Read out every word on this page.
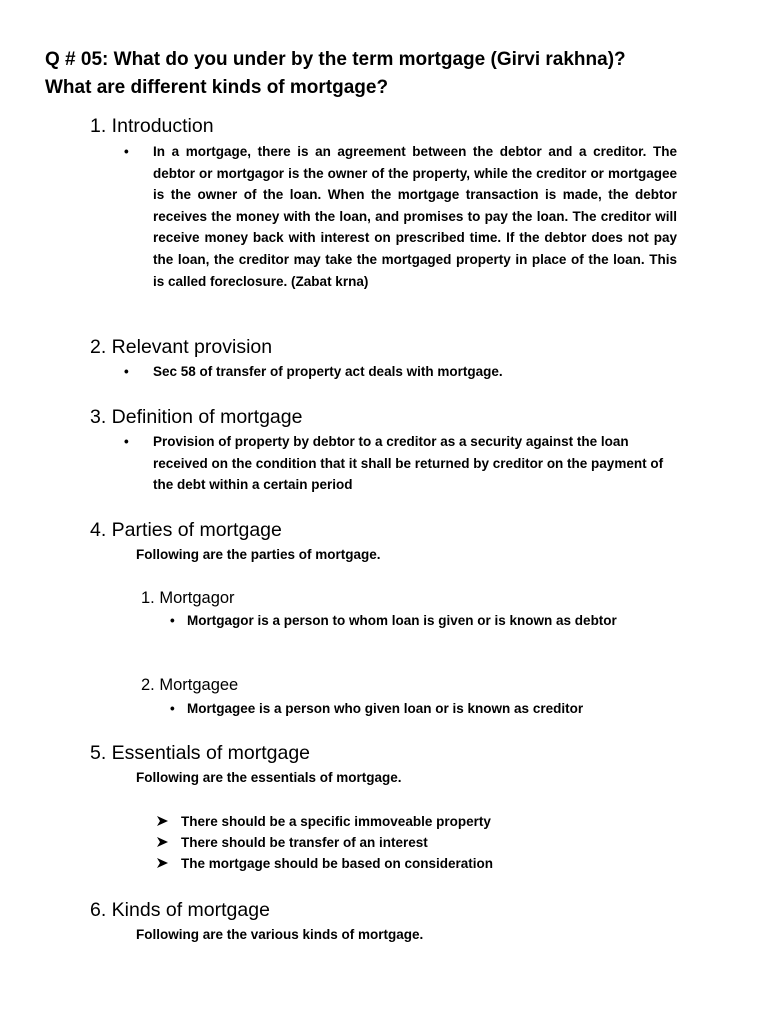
Q # 05: What do you under by the term mortgage (Girvi rakhna)?
What are different kinds of mortgage?
1. Introduction
• In a mortgage, there is an agreement between the debtor and a creditor. The debtor or mortgagor is the owner of the property, while the creditor or mortgagee is the owner of the loan. When the mortgage transaction is made, the debtor receives the money with the loan, and promises to pay the loan. The creditor will receive money back with interest on prescribed time. If the debtor does not pay the loan, the creditor may take the mortgaged property in place of the loan. This is called foreclosure. (Zabat krna)
2. Relevant provision
• Sec 58 of transfer of property act deals with mortgage.
3. Definition of mortgage
• Provision of property by debtor to a creditor as a security against the loan received on the condition that it shall be returned by creditor on the payment of the debt within a certain period
4. Parties of mortgage
Following are the parties of mortgage.
1. Mortgagor
• Mortgagor is a person to whom loan is given or is known as debtor
2. Mortgagee
• Mortgagee is a person who given loan or is known as creditor
5. Essentials of mortgage
Following are the essentials of mortgage.
There should be a specific immoveable property
There should be transfer of an interest
The mortgage should be based on consideration
6. Kinds of mortgage
Following are the various kinds of mortgage.
